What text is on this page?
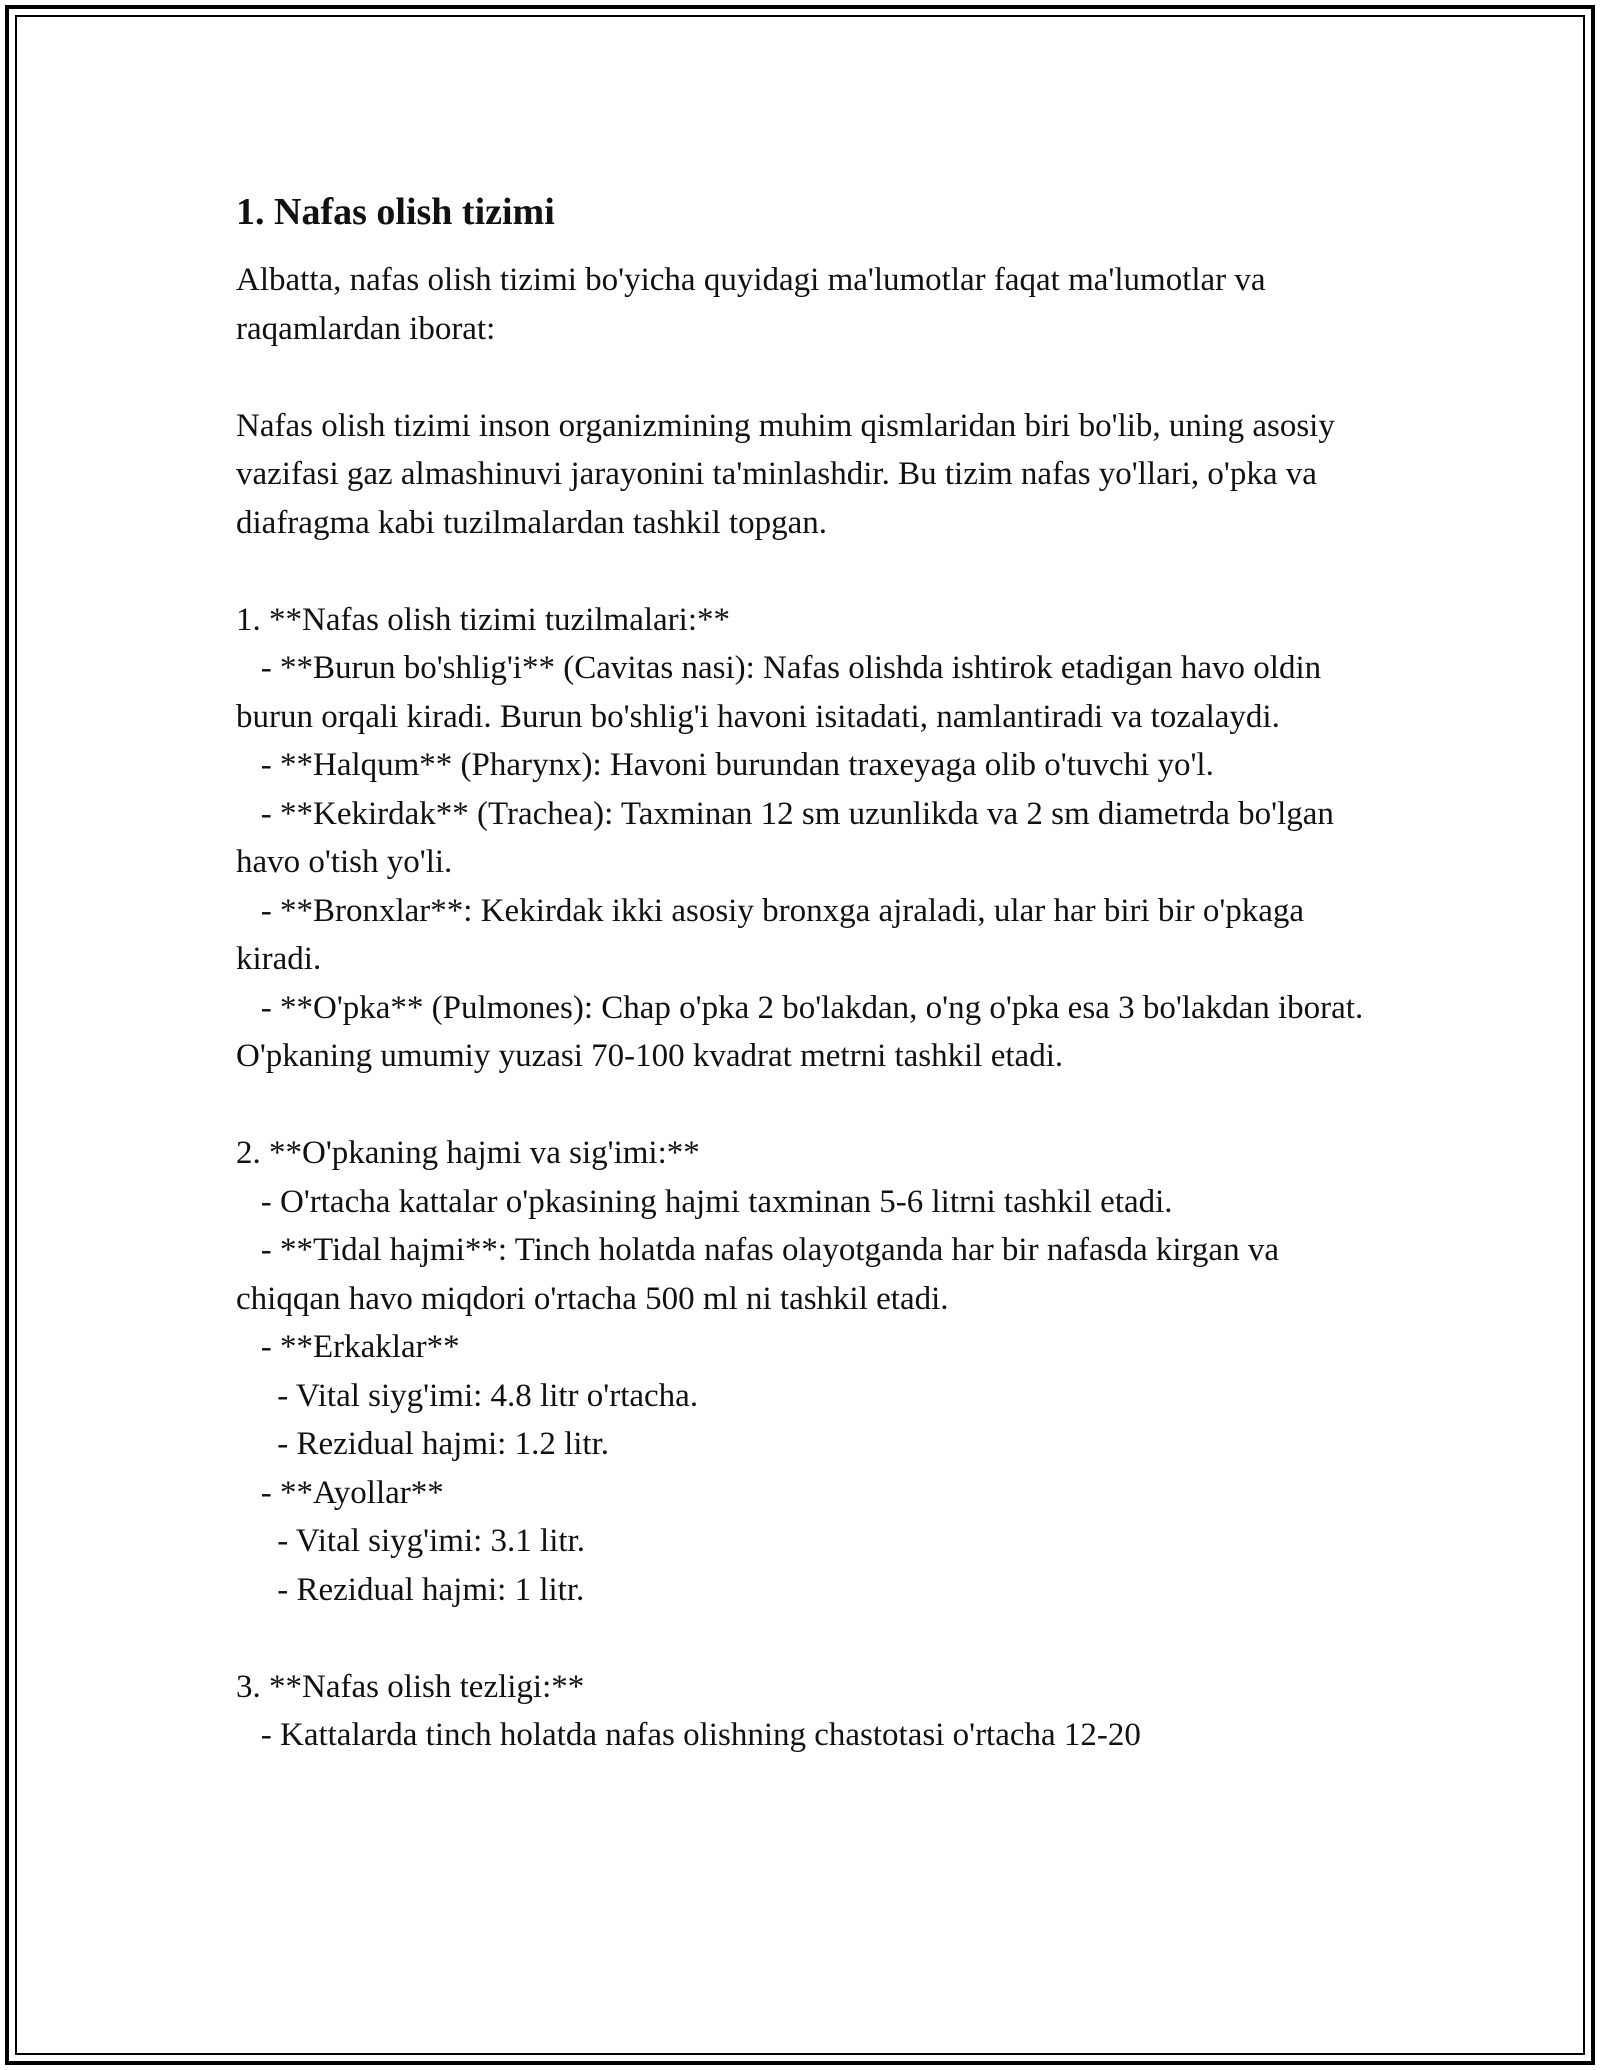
1. Nafas olish tizimi

Albatta, nafas olish tizimi bo'yicha quyidagi ma'lumotlar faqat ma'lumotlar va raqamlardan iborat:

Nafas olish tizimi inson organizmining muhim qismlaridan biri bo'lib, uning asosiy vazifasi gaz almashinuvi jarayonini ta'minlashdir. Bu tizim nafas yo'llari, o'pka va diafragma kabi tuzilmalardan tashkil topgan.

1. **Nafas olish tizimi tuzilmalari:**
- **Burun bo'shlig'i** (Cavitas nasi): Nafas olishda ishtirok etadigan havo oldin burun orqali kiradi. Burun bo'shlig'i havoni isitadati, namlantiradi va tozalaydi.
- **Halqum** (Pharynx): Havoni burundan traxeyaga olib o'tuvchi yo'l.
- **Kekirdak** (Trachea): Taxminan 12 sm uzunlikda va 2 sm diametrda bo'lgan havo o'tish yo'li.
- **Bronxlar**: Kekirdak ikki asosiy bronxga ajraladi, ular har biri bir o'pkaga kiradi.
- **O'pka** (Pulmones): Chap o'pka 2 bo'lakdan, o'ng o'pka esa 3 bo'lakdan iborat. O'pkaning umumiy yuzasi 70-100 kvadrat metrni tashkil etadi.
2. **O'pkaning hajmi va sig'imi:**
- O'rtacha kattalar o'pkasining hajmi taxminan 5-6 litrni tashkil etadi.
- **Tidal hajmi**: Tinch holatda nafas olayotganda har bir nafasda kirgan va chiqqan havo miqdori o'rtacha 500 ml ni tashkil etadi.
- **Erkaklar**
- Vital siyg'imi: 4.8 litr o'rtacha.
- Rezidual hajmi: 1.2 litr.
- **Ayollar**
- Vital siyg'imi: 3.1 litr.
- Rezidual hajmi: 1 litr.
3. **Nafas olish tezligi:**
- Kattalarda tinch holatda nafas olishning chastotasi o'rtacha 12-20
